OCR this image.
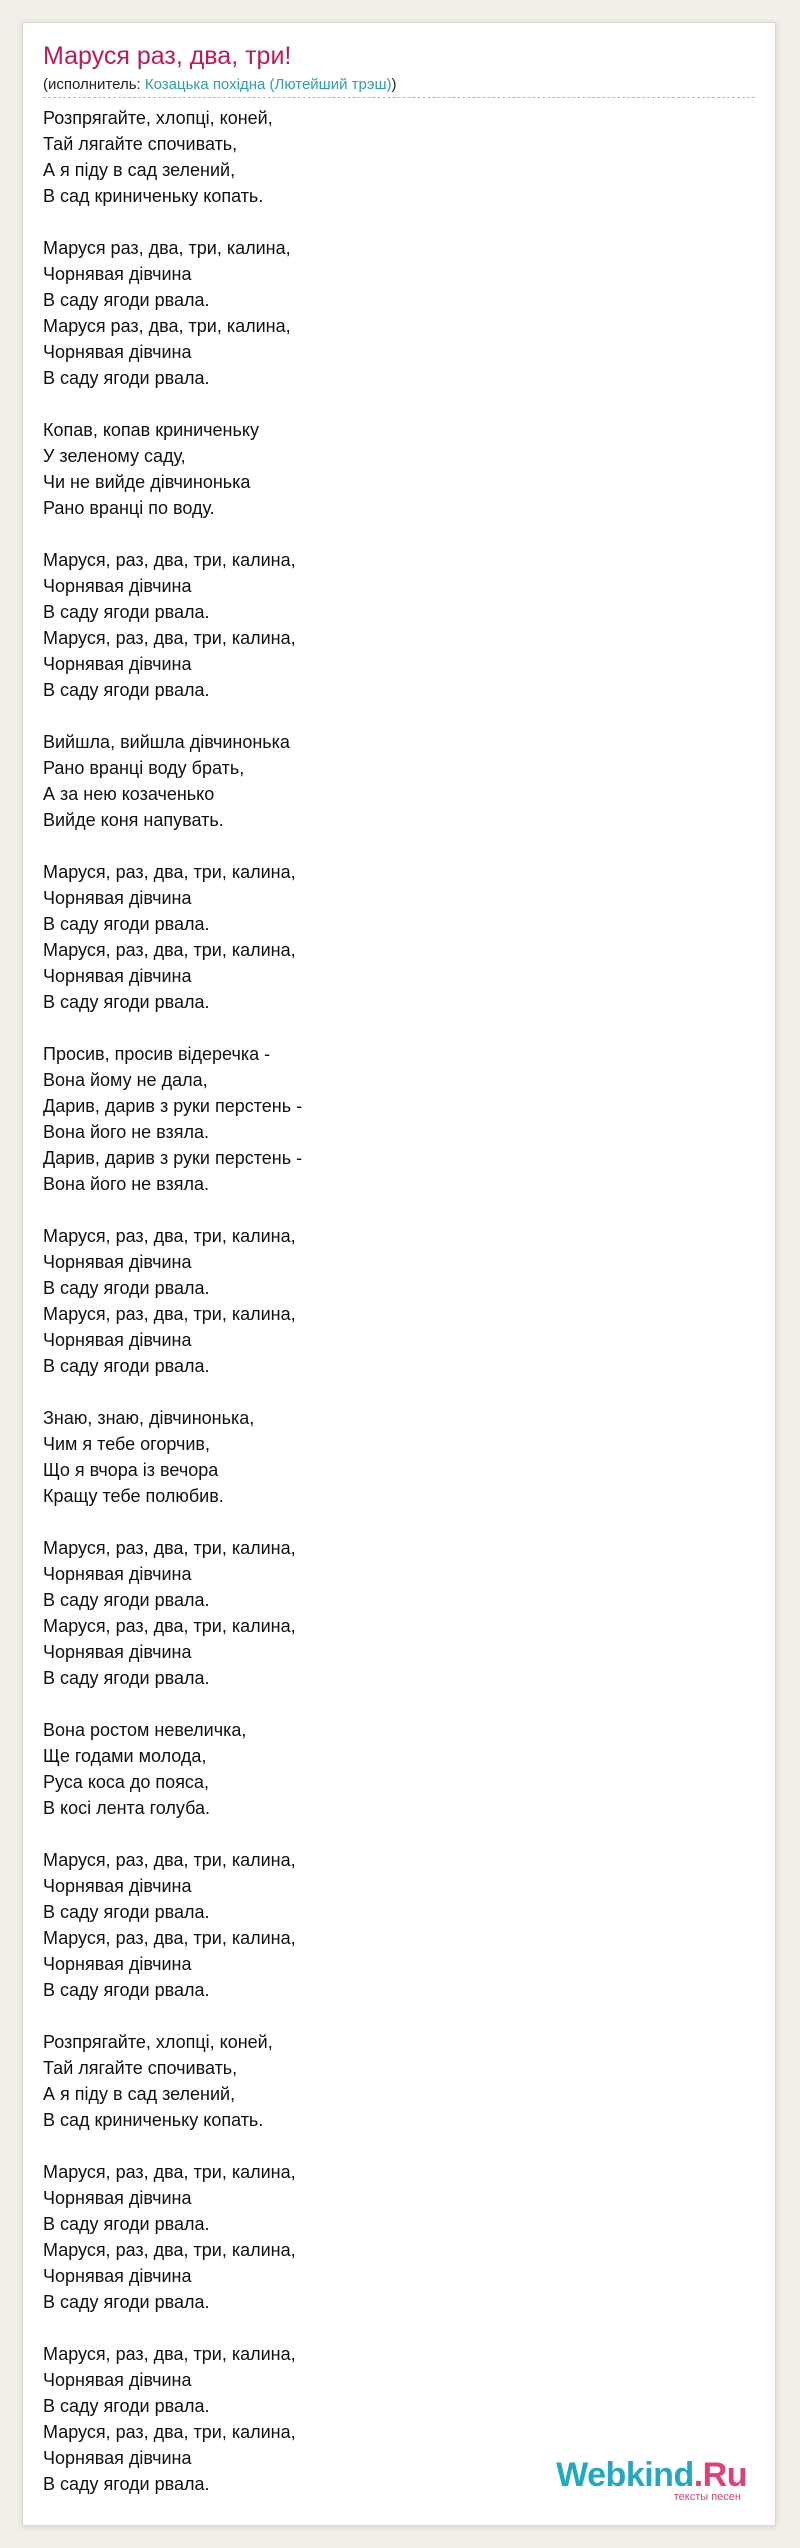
Маруся раз, два, три!
(исполнитель: Козацька похідна (Лютейший трэш))
Розпрягайте, хлопці, коней,
Тай лягайте спочивать,
А я піду в сад зелений,
В сад криниченьку копать.
Маруся раз, два, три, калина,
Чорнявая дівчина
В саду ягоди рвала.
Маруся раз, два, три, калина,
Чорнявая дівчина
В саду ягоди рвала.
Копав, копав криниченьку
У зеленому саду,
Чи не вийде дівчинонька
Рано вранці по воду.
Маруся, раз, два, три, калина,
Чорнявая дівчина
В саду ягоди рвала.
Маруся, раз, два, три, калина,
Чорнявая дівчина
В саду ягоди рвала.
Вийшла, вийшла дівчинонька
Рано вранці воду брать,
А за нею козаченько
Вийде коня напувать.
Маруся, раз, два, три, калина,
Чорнявая дівчина
В саду ягоди рвала.
Маруся, раз, два, три, калина,
Чорнявая дівчина
В саду ягоди рвала.
Просив, просив відеречка -
Вона йому не дала,
Дарив, дарив з руки перстень -
Вона його не взяла.
Дарив, дарив з руки перстень -
Вона його не взяла.
Маруся, раз, два, три, калина,
Чорнявая дівчина
В саду ягоди рвала.
Маруся, раз, два, три, калина,
Чорнявая дівчина
В саду ягоди рвала.
Знаю, знаю, дівчинонька,
Чим я тебе огорчив,
Що я вчора із вечора
Кращу тебе полюбив.
Маруся, раз, два, три, калина,
Чорнявая дівчина
В саду ягоди рвала.
Маруся, раз, два, три, калина,
Чорнявая дівчина
В саду ягоди рвала.
Вона ростом невеличка,
Ще годами молода,
Руса коса до пояса,
В косі лента голуба.
Маруся, раз, два, три, калина,
Чорнявая дівчина
В саду ягоди рвала.
Маруся, раз, два, три, калина,
Чорнявая дівчина
В саду ягоди рвала.
Розпрягайте, хлопці, коней,
Тай лягайте спочивать,
А я піду в сад зелений,
В сад криниченьку копать.
Маруся, раз, два, три, калина,
Чорнявая дівчина
В саду ягоди рвала.
Маруся, раз, два, три, калина,
Чорнявая дівчина
В саду ягоди рвала.
Маруся, раз, два, три, калина,
Чорнявая дівчина
В саду ягоди рвала.
Маруся, раз, два, три, калина,
Чорнявая дівчина
В саду ягоди рвала.	Webkind.Ru
тексты песен
